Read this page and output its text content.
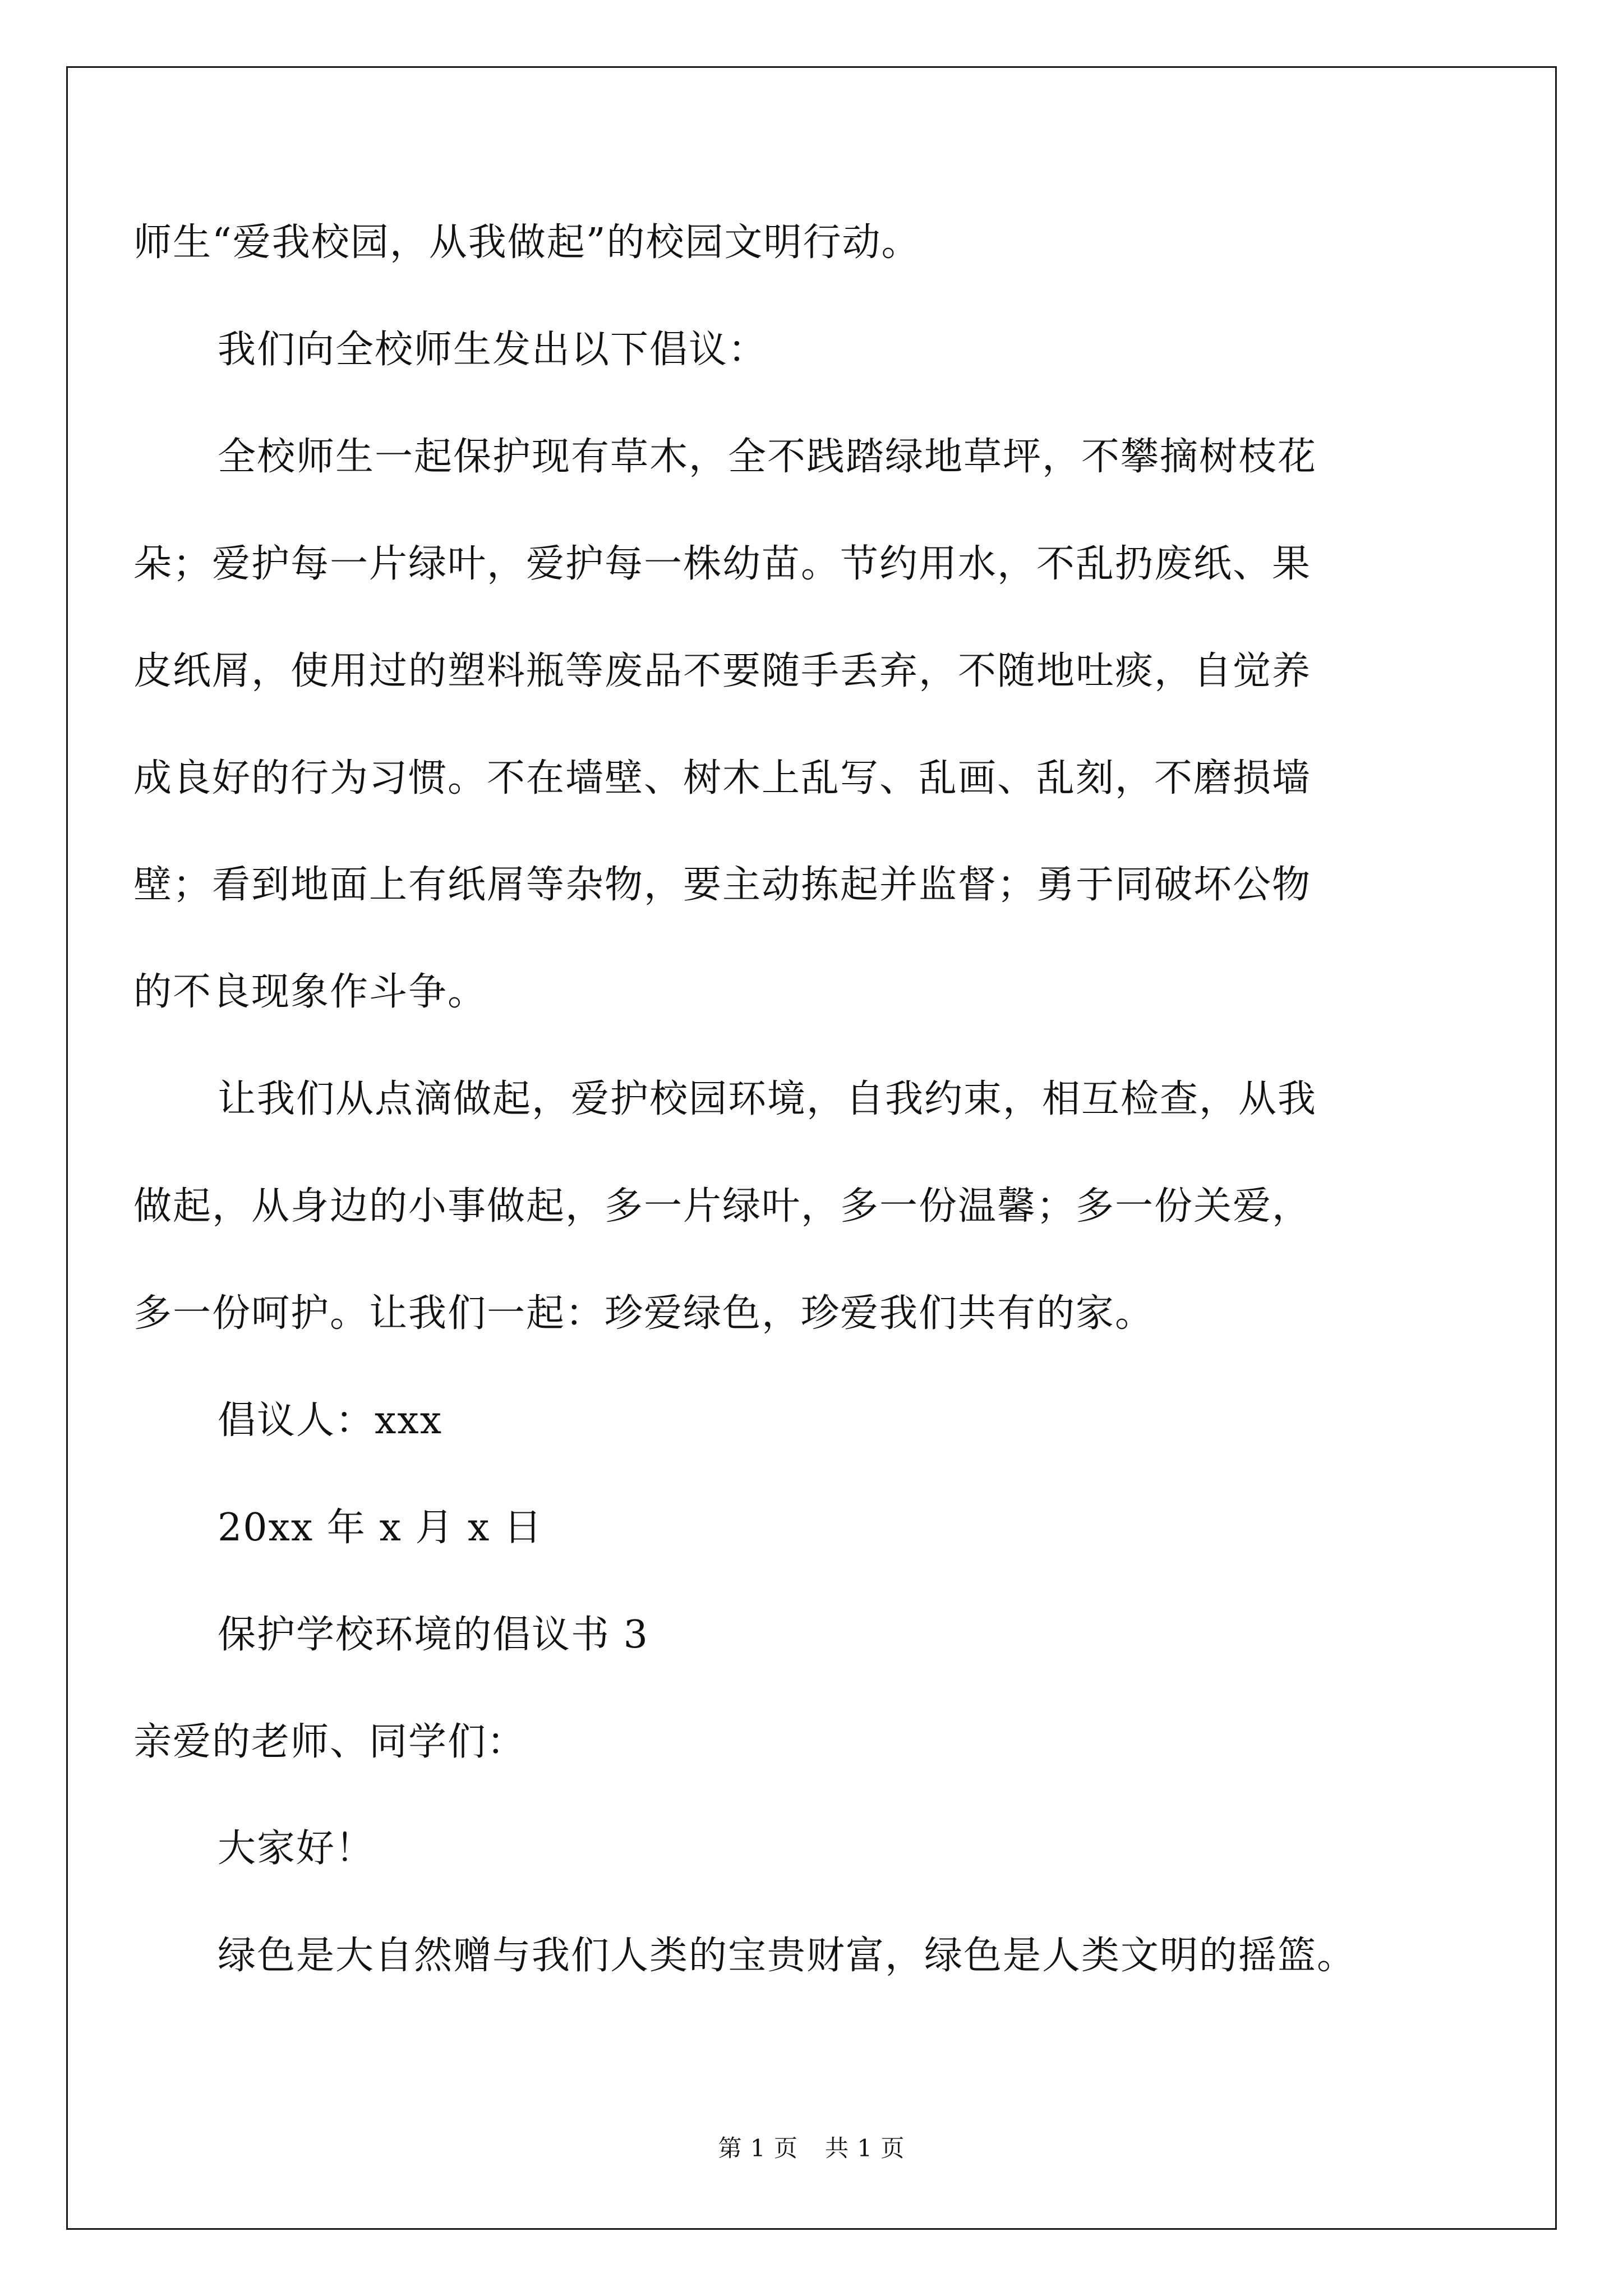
师生“爱我校园，从我做起”的校园文明行动。
我们向全校师生发出以下倡议：
全校师生一起保护现有草木，全不践踏绿地草坪，不攀摘树枝花
朵；爱护每一片绿叶，爱护每一株幼苗。节约用水，不乱扔废纸、果
皮纸屑，使用过的塑料瓶等废品不要随手丢弃，不随地吐痰，自觉养
成良好的行为习惯。不在墙壁、树木上乱写、乱画、乱刻，不磨损墙
壁；看到地面上有纸屑等杂物，要主动拣起并监督；勇于同破坏公物
的不良现象作斗争。
让我们从点滴做起，爱护校园环境，自我约束，相互检查，从我
做起，从身边的小事做起，多一片绿叶，多一份温馨；多一份关爱，
多一份呵护。让我们一起：珍爱绿色，珍爱我们共有的家。
倡议人：xxx
20xx 年 x 月 x 日
保护学校环境的倡议书 3
亲爱的老师、同学们：
大家好！
绿色是大自然赠与我们人类的宝贵财富，绿色是人类文明的摇篮。
第 1 页 共 1 页
